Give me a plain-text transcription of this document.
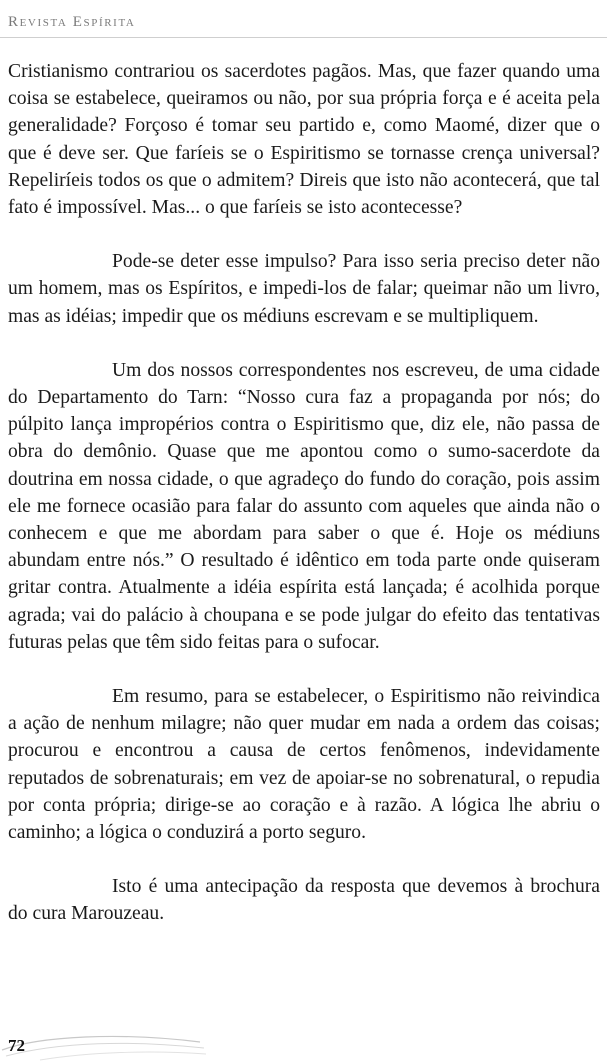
Revista Espírita

Cristianismo contrariou os sacerdotes pagãos. Mas, que fazer quando uma coisa se estabelece, queiramos ou não, por sua própria força e é aceita pela generalidade? Forçoso é tomar seu partido e, como Maomé, dizer que o que é deve ser. Que faríeis se o Espiritismo se tornasse crença universal? Repeliríeis todos os que o admitem? Direis que isto não acontecerá, que tal fato é impossível. Mas... o que faríeis se isto acontecesse?

Pode-se deter esse impulso? Para isso seria preciso deter não um homem, mas os Espíritos, e impedi-los de falar; queimar não um livro, mas as idéias; impedir que os médiuns escrevam e se multipliquem.

Um dos nossos correspondentes nos escreveu, de uma cidade do Departamento do Tarn: “Nosso cura faz a propaganda por nós; do púlpito lança impropérios contra o Espiritismo que, diz ele, não passa de obra do demônio. Quase que me apontou como o sumo-sacerdote da doutrina em nossa cidade, o que agradeço do fundo do coração, pois assim ele me fornece ocasião para falar do assunto com aqueles que ainda não o conhecem e que me abordam para saber o que é. Hoje os médiuns abundam entre nós.” O resultado é idêntico em toda parte onde quiseram gritar contra. Atualmente a idéia espírita está lançada; é acolhida porque agrada; vai do palácio à choupana e se pode julgar do efeito das tentativas futuras pelas que têm sido feitas para o sufocar.

Em resumo, para se estabelecer, o Espiritismo não reivindica a ação de nenhum milagre; não quer mudar em nada a ordem das coisas; procurou e encontrou a causa de certos fenômenos, indevidamente reputados de sobrenaturais; em vez de apoiar-se no sobrenatural, o repudia por conta própria; dirige-se ao coração e à razão. A lógica lhe abriu o caminho; a lógica o conduzirá a porto seguro.

Isto é uma antecipação da resposta que devemos à brochura do cura Marouzeau.

72
